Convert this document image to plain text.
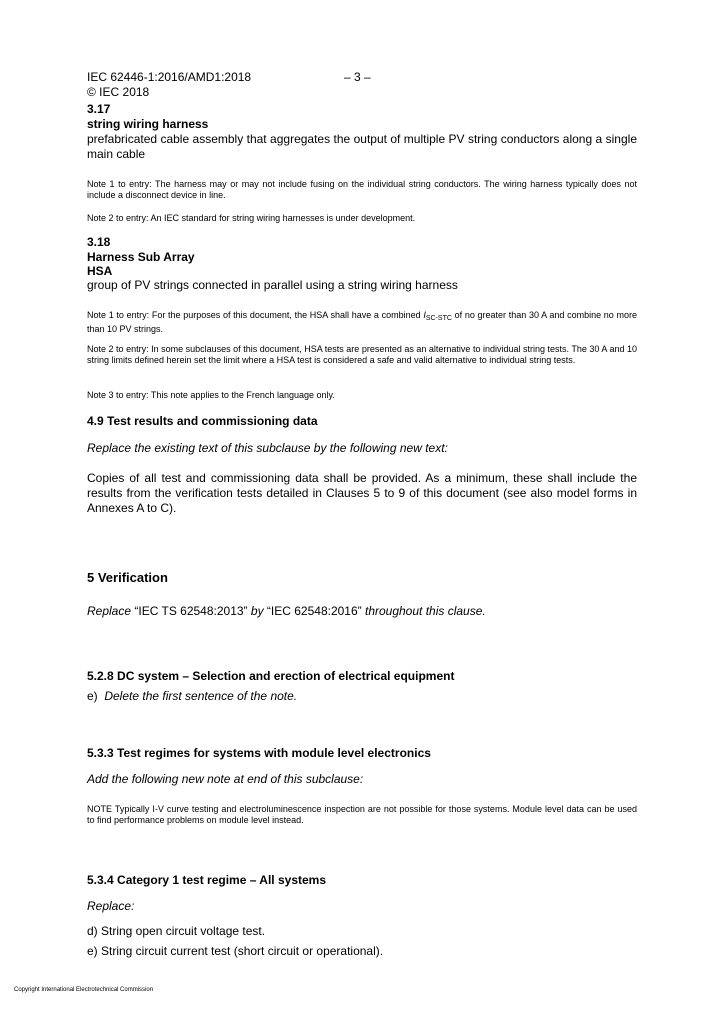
IEC 62446-1:2016/AMD1:2018	– 3 –
© IEC 2018
3.17
string wiring harness
prefabricated cable assembly that aggregates the output of multiple PV string conductors along a single main cable
Note 1 to entry: The harness may or may not include fusing on the individual string conductors. The wiring harness typically does not include a disconnect device in line.
Note 2 to entry: An IEC standard for string wiring harnesses is under development.
3.18
Harness Sub Array
HSA
group of PV strings connected in parallel using a string wiring harness
Note 1 to entry: For the purposes of this document, the HSA shall have a combined $I_{SC-STC}$ of no greater than 30 A and combine no more than 10 PV strings.
Note 2 to entry: In some subclauses of this document, HSA tests are presented as an alternative to individual string tests. The 30 A and 10 string limits defined herein set the limit where a HSA test is considered a safe and valid alternative to individual string tests.
Note 3 to entry: This note applies to the French language only.
4.9 Test results and commissioning data
Replace the existing text of this subclause by the following new text:
Copies of all test and commissioning data shall be provided. As a minimum, these shall include the results from the verification tests detailed in Clauses 5 to 9 of this document (see also model forms in Annexes A to C).
5 Verification
Replace “IEC TS 62548:2013” by “IEC 62548:2016” throughout this clause.
5.2.8 DC system – Selection and erection of electrical equipment
e) Delete the first sentence of the note.
5.3.3 Test regimes for systems with module level electronics
Add the following new note at end of this subclause:
NOTE Typically I-V curve testing and electroluminescence inspection are not possible for those systems. Module level data can be used to find performance problems on module level instead.
5.3.4 Category 1 test regime – All systems
Replace:
d) String open circuit voltage test.
e) String circuit current test (short circuit or operational).
Copyright International Electrotechnical Commission
